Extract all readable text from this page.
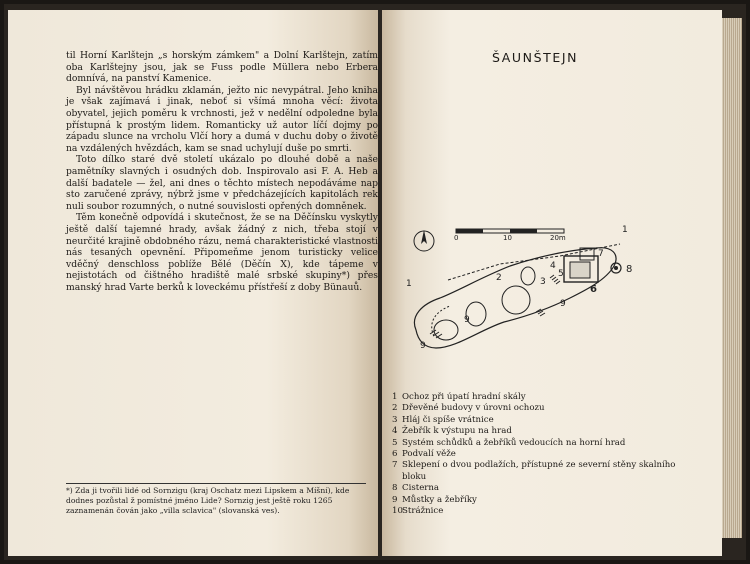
til Horní Karlštejn „s horským zámkem" a Dolní Karlštejn, zatím oba Karlštejny jsou, jak se Fuss podle Müllera nebo Erbera domnívá, na panství Kamenice.

Byl návštěvou hrádku zklamán, ježto nic nevypátral. Jeho kniha je však zajímavá i jinak, neboť si všímá mnoha věcí: života obyvatel, jejich poměru k vrchnosti, jež v nedělní odpoledne byla přístupná k prostým lidem. Romanticky už autor líčí dojmy po západu slunce na vrcholu Vlčí hory a dumá v duchu doby o životě na vzdálených hvězdách, kam se snad uchylují duše po smrti.

Toto dílko staré dvě století ukázalo po dlouhé době a naše pamětníky slavných i osudných dob. Inspirovalo asi F. A. Heb a další badatele — žel, ani dnes o těchto místech nepodáváme nap sto zaručené zprávy, nýbrž jsme v předcházejících kapitolách rek nuli soubor rozumných, o nutné souvislosti opřených domněnek.

Těm konečně odpovídá i skutečnost, že se na Děčínsku vyskytly ještě další tajemné hrady, avšak žádný z nich, třeba stojí v neurčité krajině obdobného rázu, nemá charakteristické vlastnosti nás tesaných opevnění. Připomeňme jenom turisticky velice vděčný denschloss poblíže Bělé (Děčín X), kde tápeme v nejistotách od čištného hradiště malé srbské skupiny*) přes manský hrad Varte berků k loveckému přístřeší z doby Bünauů.

*) Zda ji tvořili lidé od Sornzigu (kraj Oschatz mezi Lipskem a Míšní), kde dodnes pozůstal ž pomístné jméno Lide? Sornzig jest ještě roku 1265 zaznamenán čován jako „villa sclavica" (slovanská ves).
ŠAUNŠTEJN
0	10	20m
1
2	3
4
5
6
7
8
9
1
9
9
1 Ochoz při úpatí hradní skály
2 Dřevěné budovy v úrovni ochozu
3 Hláj či spíše vrátnice
4 Žebřík k výstupu na hrad
5 Systém schůdků a žebříků vedoucích na horní hrad
6 Podvalí věže
7 Sklepení o dvou podlažích, přístupné ze severní stěny skalního bloku
8 Cisterna
9 Můstky a žebříky
10 Strážnice
